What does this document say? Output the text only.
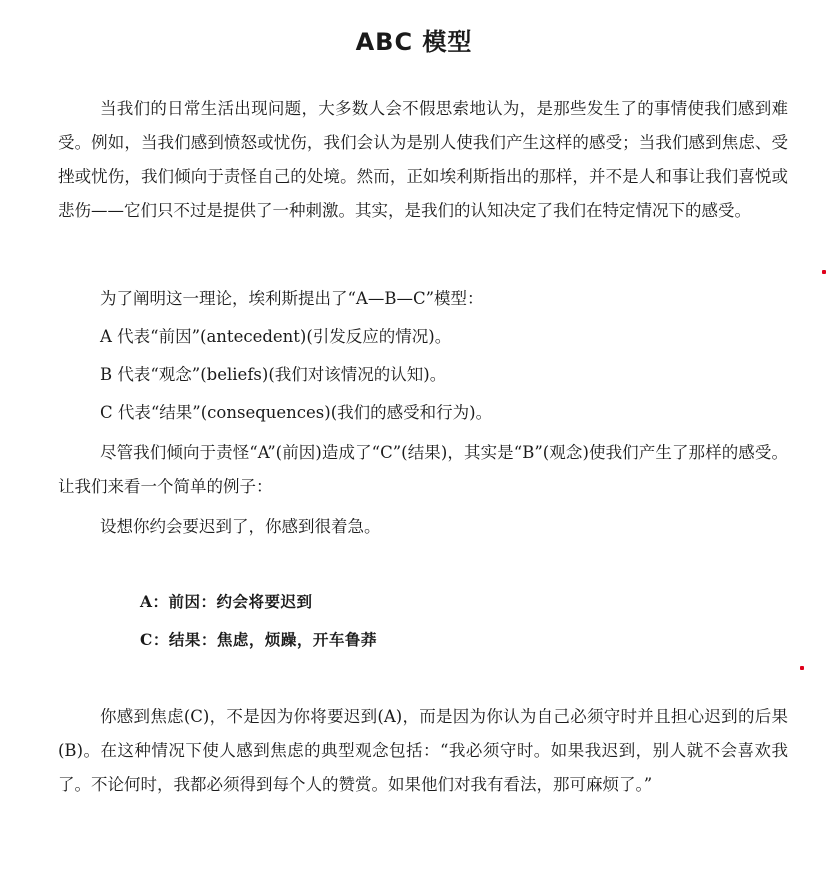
ABC 模型

当我们的日常生活出现问题，大多数人会不假思索地认为，是那些发生了的事情使我们感到难受。例如，当我们感到愤怒或忧伤，我们会认为是别人使我们产生这样的感受；当我们感到焦虑、受挫或忧伤，我们倾向于责怪自己的处境。然而，正如埃利斯指出的那样，并不是人和事让我们喜悦或悲伤——它们只不过是提供了一种刺激。其实，是我们的认知决定了我们在特定情况下的感受。

为了阐明这一理论，埃利斯提出了“A—B—C”模型：

A 代表“前因”(antecedent)(引发反应的情况)。

B 代表“观念”(beliefs)(我们对该情况的认知)。

C 代表“结果”(consequences)(我们的感受和行为)。

尽管我们倾向于责怪“A”(前因)造成了“C”(结果)，其实是“B”(观念)使我们产生了那样的感受。让我们来看一个简单的例子：

设想你约会要迟到了，你感到很着急。

A：前因：约会将要迟到
C：结果：焦虑，烦躁，开车鲁莽

你感到焦虑(C)，不是因为你将要迟到(A)，而是因为你认为自己必须守时并且担心迟到的后果(B)。在这种情况下使人感到焦虑的典型观念包括：“我必须守时。如果我迟到，别人就不会喜欢我了。不论何时，我都必须得到每个人的赞赏。如果他们对我有看法，那可麻烦了。”
